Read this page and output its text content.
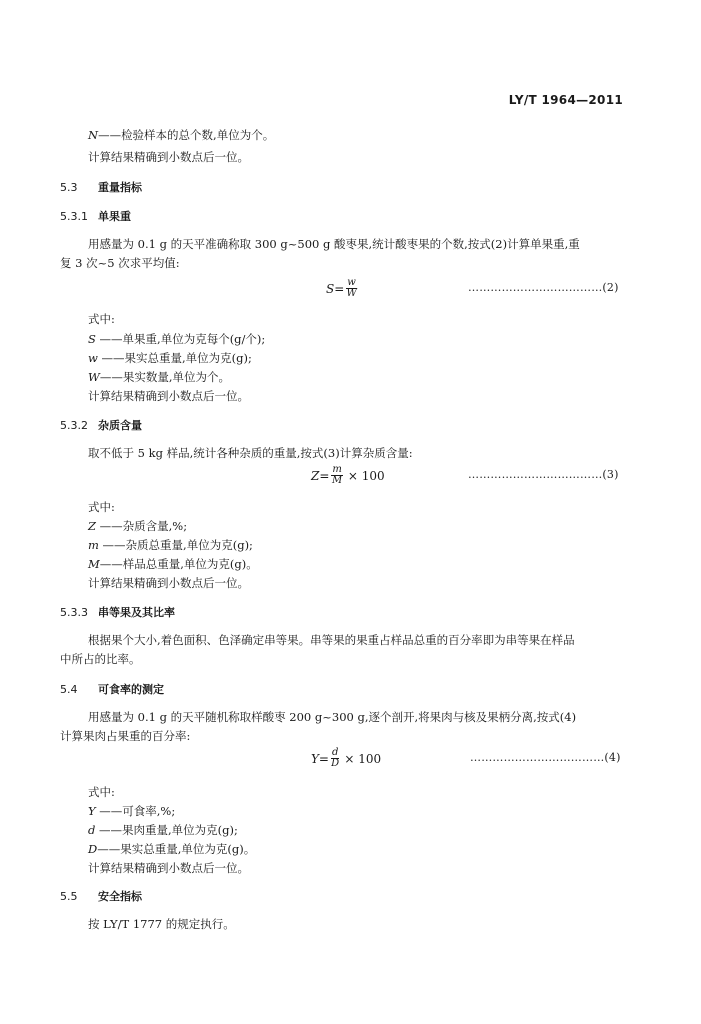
LY/T 1964—2011
N——检验样本的总个数,单位为个。
计算结果精确到小数点后一位。
5.3 重量指标
5.3.1 单果重
用感量为 0.1 g 的天平准确称取 300 g~500 g 酸枣果,统计酸枣果的个数,按式(2)计算单果重,重
复 3 次~5 次求平均值:
$S = \frac{w}{W}$	………………………………(2)
式中:
S ——单果重,单位为克每个(g/个);
w ——果实总重量,单位为克(g);
W——果实数量,单位为个。
计算结果精确到小数点后一位。
5.3.2 杂质含量
取不低于 5 kg 样品,统计各种杂质的重量,按式(3)计算杂质含量:
$Z = \frac{m}{M} \times 100$	………………………………(3)
式中:
Z ——杂质含量,%;
m ——杂质总重量,单位为克(g);
M——样品总重量,单位为克(g)。
计算结果精确到小数点后一位。
5.3.3 串等果及其比率
根据果个大小,着色面积、色泽确定串等果。串等果的果重占样品总重的百分率即为串等果在样品
中所占的比率。
5.4 可食率的测定
用感量为 0.1 g 的天平随机称取样酸枣 200 g~300 g,逐个剖开,将果肉与核及果柄分离,按式(4)
计算果肉占果重的百分率:
$Y = \frac{d}{D} \times 100$	………………………………(4)
式中:
Y ——可食率,%;
d ——果肉重量,单位为克(g);
D——果实总重量,单位为克(g)。
计算结果精确到小数点后一位。
5.5 安全指标
按 LY/T 1777 的规定执行。
